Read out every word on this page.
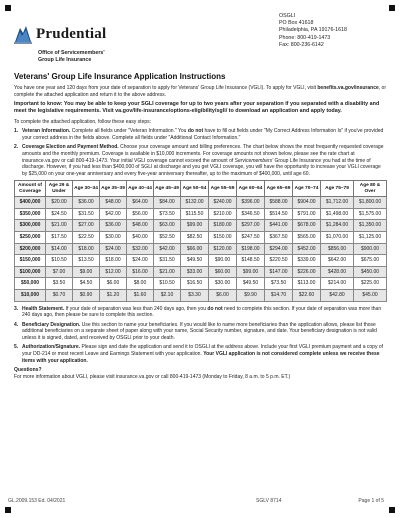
Prudential
Office of Servicemembers'
Group Life Insurance
OSGLI
PO Box 41618
Philadelphia, PA 19176-1618
Phone: 800-419-1473
Fax: 800-236-6142
Veterans' Group Life Insurance Application Instructions
You have one year and 120 days from your date of separation to apply for Veterans' Group Life Insurance (VGLI). To apply for VGLI, visit benefits.va.gov/insurance, or complete the attached application and return it to the above address.
Important to know: You may be able to keep your SGLI coverage for up to two years after your separation if you separated with a disability and meet the legislative requirements. Visit va.gov/life-insurance/options-eligibility/sgli/ to download an application and apply today.
To complete the attached application, follow these easy steps:
1. Veteran Information. Complete all fields under "Veteran Information." You do not have to fill out fields under "My Correct Address Information Is" if you've provided your correct address in the fields above. Complete all fields under "Additional Contact Information."
2. Coverage Election and Payment Method. Choose your coverage amount and billing preferences. The chart below shows the most frequently requested coverage amounts and the monthly premium. Coverage is available in $10,000 increments. For coverage amounts not shown below, please see the rate chart at insurance.va.gov or call 800-419-1473. Your initial VGLI coverage cannot exceed the amount of Servicemembers' Group Life Insurance you had at the time of discharge. However, if you had less than $400,000 of SGLI at discharge and you get VGLI coverage, you will have the opportunity to increase your VGLI coverage by $25,000 on your one-year anniversary and every five-year anniversary thereafter, up to the maximum of $400,000, until age 60.
Amount of Coverage	Age 29 & Under	Age 30–34	Age 35–39	Age 40–44	Age 45–49	Age 50–54	Age 55–59	Age 60–64	Age 65–69	Age 70–74	Age 75–79	Age 80 & Over
$400,000	$20.00	$36.00	$48.00	$64.00	$84.00	$132.00	$240.00	$396.00	$588.00	$904.00	$1,712.00	$1,800.00
$350,000	$24.50	$31.50	$42.00	$56.00	$73.50	$115.50	$210.00	$346.50	$514.50	$791.00	$1,498.00	$1,575.00
$300,000	$21.00	$27.00	$36.00	$48.00	$63.00	$99.00	$180.00	$297.00	$441.00	$678.00	$1,284.00	$1,350.00
$250,000	$17.50	$22.50	$30.00	$40.00	$52.50	$82.50	$150.00	$247.50	$367.50	$565.00	$1,070.00	$1,125.00
$200,000	$14.00	$18.00	$24.00	$32.00	$42.00	$66.00	$120.00	$198.00	$294.00	$452.00	$856.00	$900.00
$150,000	$10.50	$13.50	$18.00	$24.00	$31.50	$49.50	$90.00	$148.50	$220.50	$339.00	$642.00	$675.00
$100,000	$7.00	$9.00	$12.00	$16.00	$21.00	$33.00	$60.00	$99.00	$147.00	$226.00	$428.00	$450.00
$50,000	$3.50	$4.50	$6.00	$8.00	$10.50	$16.50	$30.00	$49.50	$73.50	$113.00	$214.00	$225.00
$10,000	$0.70	$0.90	$1.20	$1.60	$2.10	$3.30	$6.00	$9.90	$14.70	$22.60	$42.80	$45.00
3. Health Statement. If your date of separation was less than 240 days ago, then you do not need to complete this section. If your date of separation was more than 240 days ago, then please be sure to complete this section.
4. Beneficiary Designation. Use this section to name your beneficiaries. If you would like to name more beneficiaries than the application allows, please list those additional beneficiaries on a separate sheet of paper along with your name, Social Security number, signature, and date. Your beneficiary designation is not valid unless it is signed, dated, and received by OSGLI prior to your death.
5. Authorization/Signature. Please sign and date the application and send it to OSGLI at the address above. Include your first VGLI premium payment and a copy of your DD-214 or most recent Leave and Earnings Statement with your application. Your VGLI application is not considered complete unless we receive these items with your application.
Questions?
For more information about VGLI, please visit insurance.va.gov or call 800-419-1473 (Monday to Friday, 8 a.m. to 5 p.m. ET.)
GL.2009.153 Ed. 04/2021	SGLV 8714	Page 1 of 5
